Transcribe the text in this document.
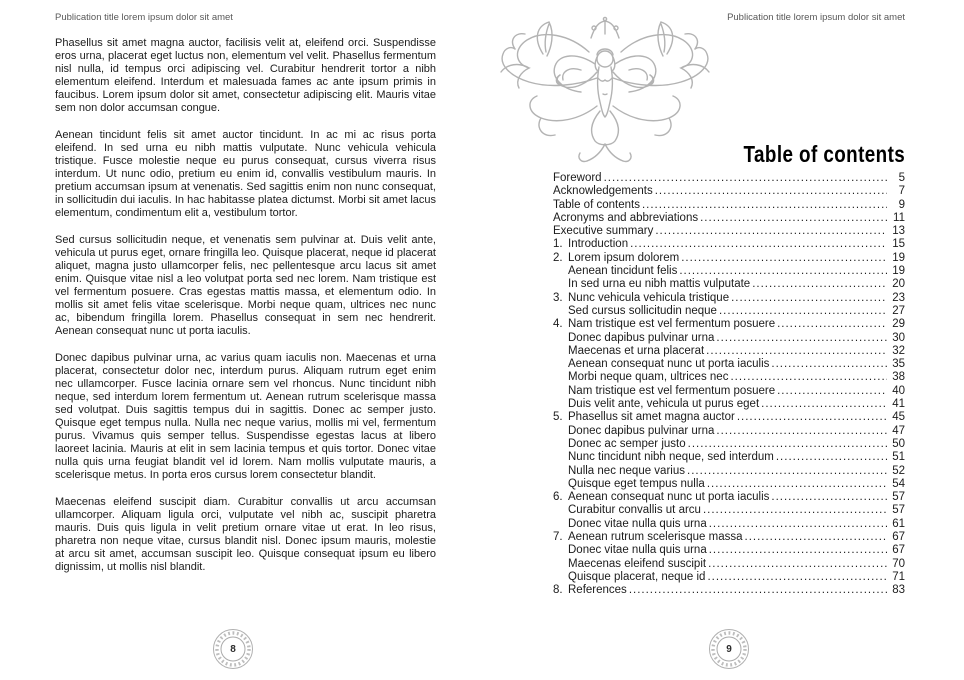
Publication title lorem ipsum dolor sit amet	Publication title lorem ipsum dolor sit amet

Phasellus sit amet magna auctor, facilisis velit at, eleifend orci. Suspendisse eros urna, placerat eget luctus non, elementum vel velit. Phasellus fermentum nisl nulla, id tempus orci adipiscing vel. Curabitur hendrerit tortor a nibh elementum eleifend. Interdum et malesuada fames ac ante ipsum primis in faucibus. Lorem ipsum dolor sit amet, consectetur adipiscing elit. Mauris vitae sem non dolor accumsan congue.

Aenean tincidunt felis sit amet auctor tincidunt. In ac mi ac risus porta eleifend. In sed urna eu nibh mattis vulputate. Nunc vehicula vehicula tristique. Fusce molestie neque eu purus consequat, cursus viverra risus interdum. Ut nunc odio, pretium eu enim id, convallis vestibulum mauris. In pretium accumsan ipsum at venenatis. Sed sagittis enim non nunc consequat, in sollicitudin dui iaculis. In hac habitasse platea dictumst. Morbi sit amet lacus elementum, condimentum elit a, vestibulum tortor.

Sed cursus sollicitudin neque, et venenatis sem pulvinar at. Duis velit ante, vehicula ut purus eget, ornare fringilla leo. Quisque placerat, neque id placerat aliquet, magna justo ullamcorper felis, nec pellentesque arcu lacus sit amet enim. Quisque vitae nisl a leo volutpat porta sed nec lorem. Nam tristique est vel fermentum posuere. Cras egestas mattis massa, et elementum odio. In mollis sit amet felis vitae scelerisque. Morbi neque quam, ultrices nec nunc ac, bibendum fringilla lorem. Phasellus consequat in sem nec hendrerit. Aenean consequat nunc ut porta iaculis.

Donec dapibus pulvinar urna, ac varius quam iaculis non. Maecenas et urna placerat, consectetur dolor nec, interdum purus. Aliquam rutrum eget enim nec ullamcorper. Fusce lacinia ornare sem vel rhoncus. Nunc tincidunt nibh neque, sed interdum lorem fermentum ut. Aenean rutrum scelerisque massa sed volutpat. Duis sagittis tempus dui in sagittis. Donec ac semper justo. Quisque eget tempus nulla. Nulla nec neque varius, mollis mi vel, fermentum purus. Vivamus quis semper tellus. Suspendisse egestas lacus at libero laoreet lacinia. Mauris at elit in sem lacinia tempus et quis tortor. Donec vitae nulla quis urna feugiat blandit vel id lorem. Nam mollis vulputate mauris, a scelerisque metus. In porta eros cursus lorem consectetur blandit.

Maecenas eleifend suscipit diam. Curabitur convallis ut arcu accumsan ullamcorper. Aliquam ligula orci, vulputate vel nibh ac, suscipit pharetra mauris. Duis quis ligula in velit pretium ornare vitae ut erat. In leo risus, pharetra non neque vitae, cursus blandit nisl. Donec ipsum mauris, molestie at arcu sit amet, accumsan suscipit leo. Quisque consequat ipsum eu libero dignissim, ut mollis nisl blandit.

Table of contents
Foreword .....	5
Acknowledgements .....	7
Table of contents .....	9
Acronyms and abbreviations .....	11
Executive summary .....	13
1. Introduction .....	15
2. Lorem ipsum dolorem .....	19
Aenean tincidunt felis .....	19
In sed urna eu nibh mattis vulputate .....	20
3. Nunc vehicula vehicula tristique .....	23
Sed cursus sollicitudin neque .....	27
4. Nam tristique est vel fermentum posuere .....	29
Donec dapibus pulvinar urna .....	30
Maecenas et urna placerat .....	32
Aenean consequat nunc ut porta iaculis .....	35
Morbi neque quam, ultrices nec .....	38
Nam tristique est vel fermentum posuere .....	40
Duis velit ante, vehicula ut purus eget .....	41
5. Phasellus sit amet magna auctor .....	45
Donec dapibus pulvinar urna .....	47
Donec ac semper justo .....	50
Nunc tincidunt nibh neque, sed interdum .....	51
Nulla nec neque varius .....	52
Quisque eget tempus nulla .....	54
6. Aenean consequat nunc ut porta iaculis .....	57
Curabitur convallis ut arcu .....	57
Donec vitae nulla quis urna .....	61
7. Aenean rutrum scelerisque massa .....	67
Donec vitae nulla quis urna .....	67
Maecenas eleifend suscipit .....	70
Quisque placerat, neque id .....	71
8. References .....	83
8	9
